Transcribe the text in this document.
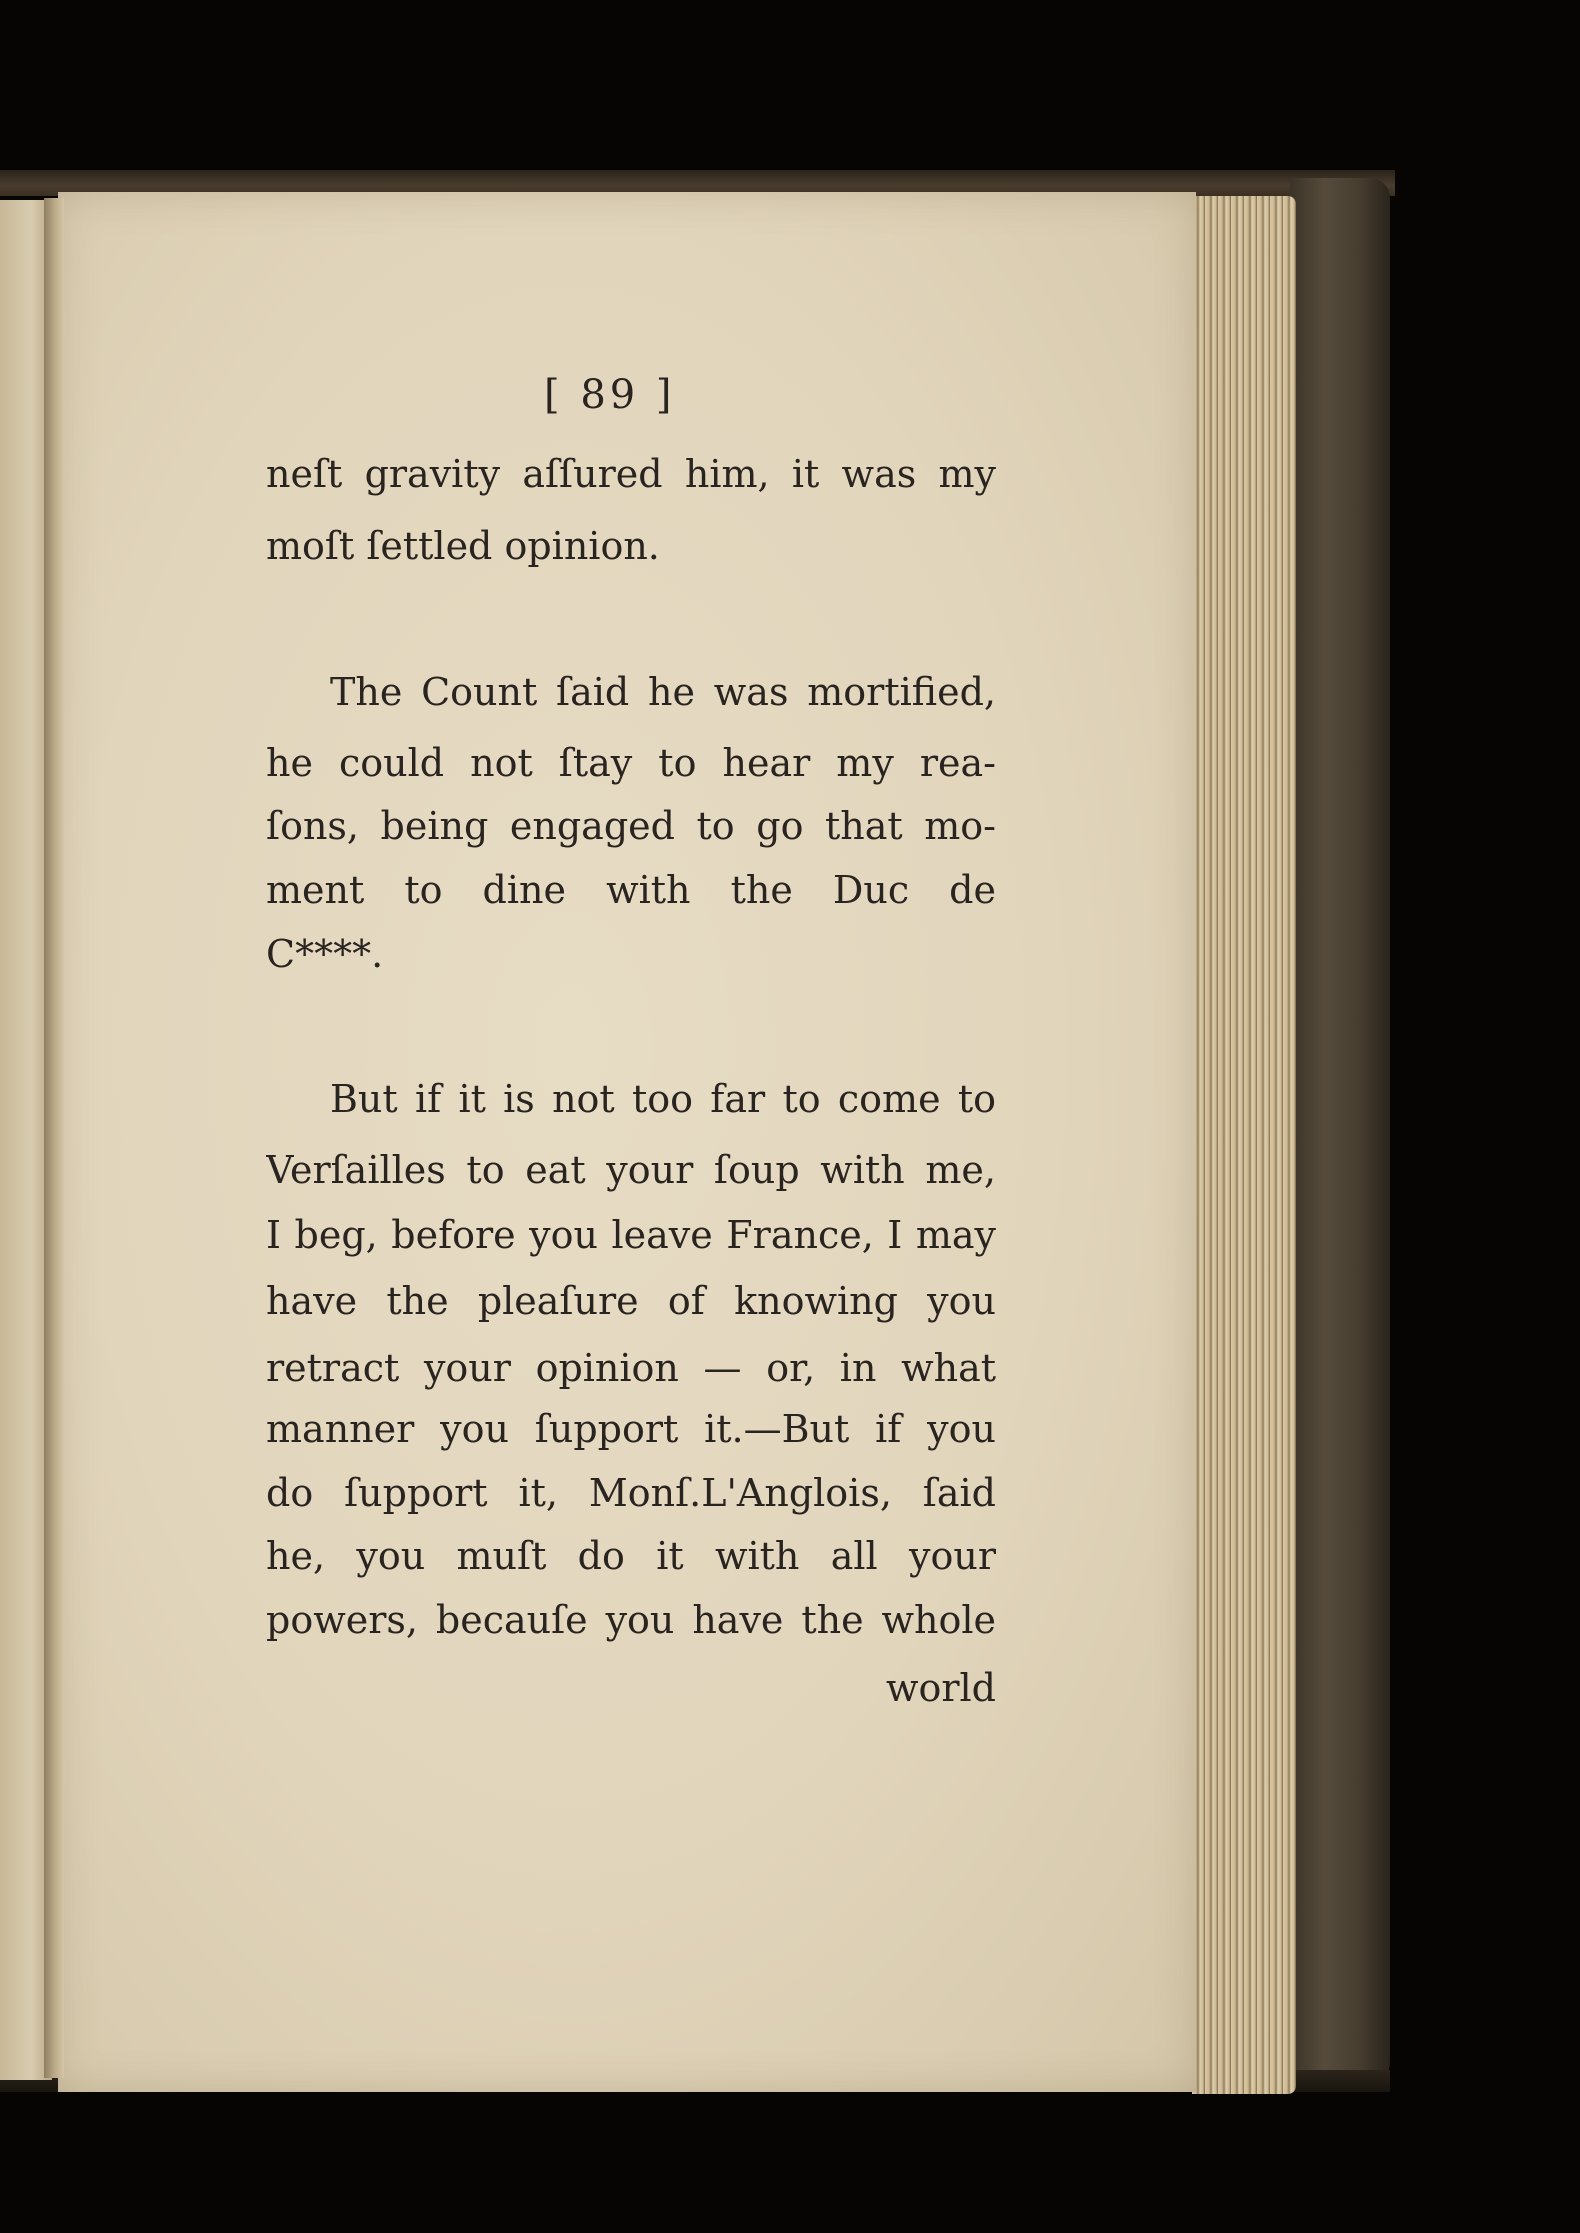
[ 89 ]
neſt gravity aſſured him, it was my
moſt ſettled opinion.
The Count ſaid he was mortified,
he could not ſtay to hear my rea-
ſons, being engaged to go that mo-
ment to dine with the Duc de
C****.
But if it is not too far to come to
Verſailles to eat your ſoup with me,
I beg, before you leave France, I may
have the pleaſure of knowing you
retract your opinion — or, in what
manner you ſupport it.—But if you
do ſupport it, Monſ.L'Anglois, ſaid
he, you muſt do it with all your
powers, becauſe you have the whole
world
